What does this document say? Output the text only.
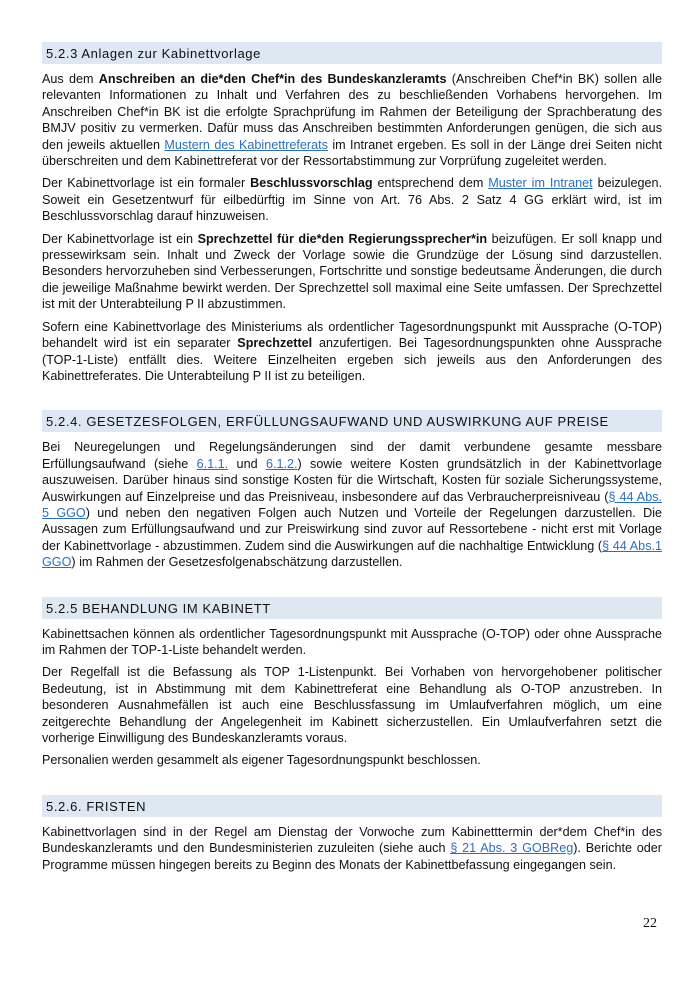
5.2.3 Anlagen zur Kabinettvorlage

Aus dem Anschreiben an die*den Chef*in des Bundeskanzleramts (Anschreiben Chef*in BK) sollen alle relevanten Informationen zu Inhalt und Verfahren des zu beschließenden Vorhabens hervorgehen. Im Anschreiben Chef*in BK ist die erfolgte Sprachprüfung im Rahmen der Beteiligung der Sprachberatung des BMJV positiv zu vermerken. Dafür muss das Anschreiben bestimmten Anforderungen genügen, die sich aus den jeweils aktuellen Mustern des Kabinettreferats im Intranet ergeben. Es soll in der Länge drei Seiten nicht überschreiten und dem Kabinettreferat vor der Ressortabstimmung zur Vorprüfung zugeleitet werden.

Der Kabinettvorlage ist ein formaler Beschlussvorschlag entsprechend dem Muster im Intranet beizulegen. Soweit ein Gesetzentwurf für eilbedürftig im Sinne von Art. 76 Abs. 2 Satz 4 GG erklärt wird, ist im Beschlussvorschlag darauf hinzuweisen.

Der Kabinettvorlage ist ein Sprechzettel für die*den Regierungssprecher*in beizufügen. Er soll knapp und pressewirksam sein. Inhalt und Zweck der Vorlage sowie die Grundzüge der Lösung sind darzustellen. Besonders hervorzuheben sind Verbesserungen, Fortschritte und sonstige bedeutsame Änderungen, die durch die jeweilige Maßnahme bewirkt werden. Der Sprechzettel soll maximal eine Seite umfassen. Der Sprechzettel ist mit der Unterabteilung P II abzustimmen.

Sofern eine Kabinettvorlage des Ministeriums als ordentlicher Tagesordnungspunkt mit Aussprache (O-TOP) behandelt wird ist ein separater Sprechzettel anzufertigen. Bei Tagesordnungspunkten ohne Aussprache (TOP-1-Liste) entfällt dies. Weitere Einzelheiten ergeben sich jeweils aus den Anforderungen des Kabinettreferates. Die Unterabteilung P II ist zu beteiligen.

5.2.4. GESETZESFOLGEN, ERFÜLLUNGSAUFWAND UND AUSWIRKUNG AUF PREISE

Bei Neuregelungen und Regelungsänderungen sind der damit verbundene gesamte messbare Erfüllungsaufwand (siehe 6.1.1. und 6.1.2.) sowie weitere Kosten grundsätzlich in der Kabinettvorlage auszuweisen. Darüber hinaus sind sonstige Kosten für die Wirtschaft, Kosten für soziale Sicherungssysteme, Auswirkungen auf Einzelpreise und das Preisniveau, insbesondere auf das Verbraucherpreisniveau (§ 44 Abs. 5 GGO) und neben den negativen Folgen auch Nutzen und Vorteile der Regelungen darzustellen. Die Aussagen zum Erfüllungsaufwand und zur Preiswirkung sind zuvor auf Ressortebene - nicht erst mit Vorlage der Kabinettvorlage - abzustimmen. Zudem sind die Auswirkungen auf die nachhaltige Entwicklung (§ 44 Abs.1 GGO) im Rahmen der Gesetzesfolgenabschätzung darzustellen.

5.2.5 BEHANDLUNG IM KABINETT

Kabinettsachen können als ordentlicher Tagesordnungspunkt mit Aussprache (O-TOP) oder ohne Aussprache im Rahmen der TOP-1-Liste behandelt werden.

Der Regelfall ist die Befassung als TOP 1-Listenpunkt. Bei Vorhaben von hervorgehobener politischer Bedeutung, ist in Abstimmung mit dem Kabinettreferat eine Behandlung als O-TOP anzustreben. In besonderen Ausnahmefällen ist auch eine Beschlussfassung im Umlaufverfahren möglich, um eine zeitgerechte Behandlung der Angelegenheit im Kabinett sicherzustellen. Ein Umlaufverfahren setzt die vorherige Einwilligung des Bundeskanzleramts voraus.

Personalien werden gesammelt als eigener Tagesordnungspunkt beschlossen.

5.2.6. FRISTEN

Kabinettvorlagen sind in der Regel am Dienstag der Vorwoche zum Kabinetttermin der*dem Chef*in des Bundeskanzleramts und den Bundesministerien zuzuleiten (siehe auch § 21 Abs. 3 GOBReg). Berichte oder Programme müssen hingegen bereits zu Beginn des Monats der Kabinettbefassung eingegangen sein.

22
